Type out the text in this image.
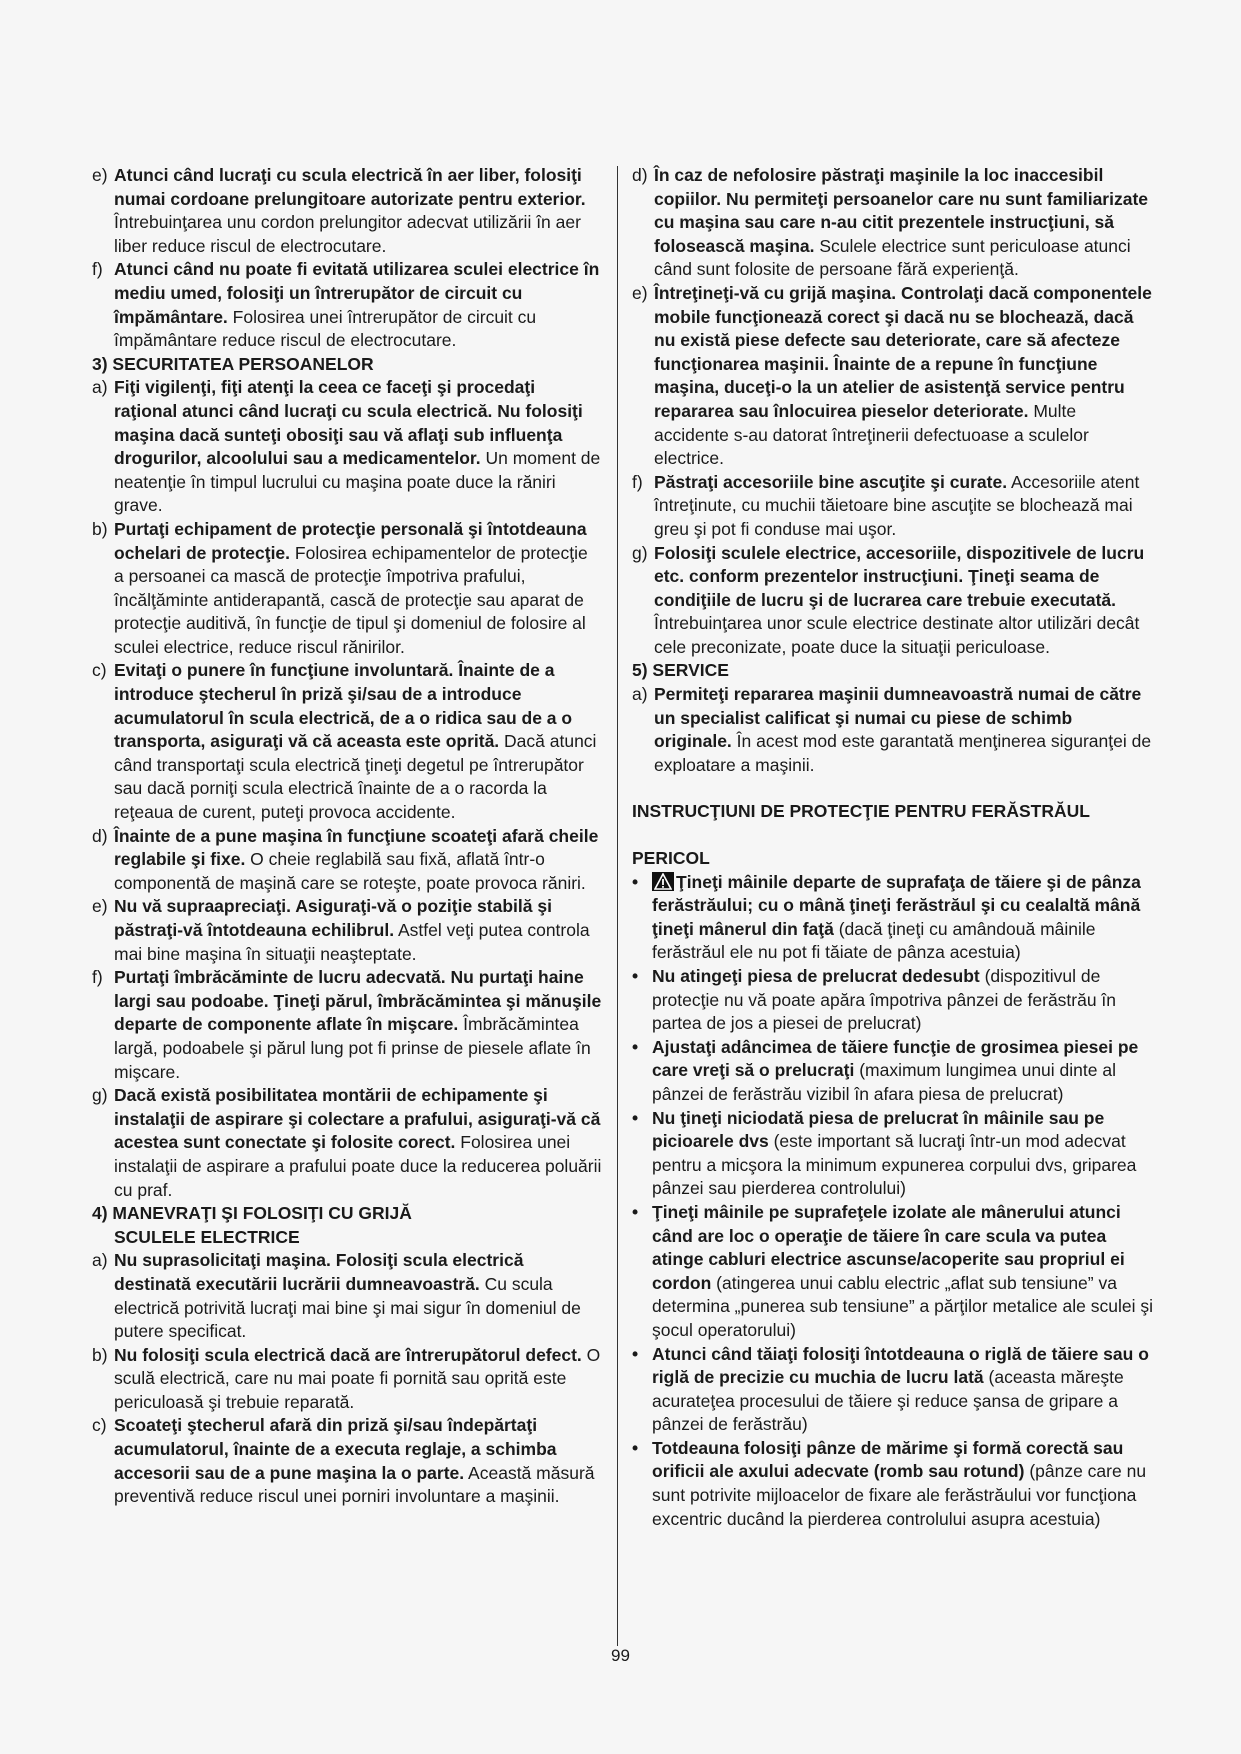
e) Atunci când lucraţi cu scula electrică în aer liber, folosiţi numai cordoane prelungitoare autorizate pentru exterior. Întrebuinţarea unu cordon prelungitor adecvat utilizării în aer liber reduce riscul de electrocutare.
f) Atunci când nu poate fi evitată utilizarea sculei electrice în mediu umed, folosiţi un întrerupător de circuit cu împământare. Folosirea unei întrerupător de circuit cu împământare reduce riscul de electrocutare.
3) SECURITATEA PERSOANELOR
a) Fiţi vigilenţi, fiţi atenţi la ceea ce faceţi şi procedaţi raţional atunci când lucraţi cu scula electrică. Nu folosiţi maşina dacă sunteţi obosiţi sau vă aflaţi sub influenţa drogurilor, alcoolului sau a medicamentelor. Un moment de neatenţie în timpul lucrului cu maşina poate duce la răniri grave.
b) Purtaţi echipament de protecţie personală şi întotdeauna ochelari de protecţie. Folosirea echipamentelor de protecţie a persoanei ca mască de protecţie împotriva prafului, încălţăminte antiderapantă, cască de protecţie sau aparat de protecţie auditivă, în funcţie de tipul şi domeniul de folosire al sculei electrice, reduce riscul rănirilor.
c) Evitaţi o punere în funcţiune involuntară. Înainte de a introduce ştecherul în priză şi/sau de a introduce acumulatorul în scula electrică, de a o ridica sau de a o transporta, asiguraţi vă că aceasta este oprită. Dacă atunci când transportaţi scula electrică ţineţi degetul pe întrerupător sau dacă porniţi scula electrică înainte de a o racorda la reţeaua de curent, puteţi provoca accidente.
d) Înainte de a pune maşina în funcţiune scoateţi afară cheile reglabile şi fixe. O cheie reglabilă sau fixă, aflată într-o componentă de maşină care se roteşte, poate provoca răniri.
e) Nu vă supraapreciaţi. Asiguraţi-vă o poziţie stabilă şi păstraţi-vă întotdeauna echilibrul. Astfel veţi putea controla mai bine maşina în situaţii neaşteptate.
f) Purtaţi îmbrăcăminte de lucru adecvată. Nu purtaţi haine largi sau podoabe. Ţineţi părul, îmbrăcămintea şi mănuşile departe de componente aflate în mişcare. Îmbrăcămintea largă, podoabele şi părul lung pot fi prinse de piesele aflate în mişcare.
g) Dacă există posibilitatea montării de echipamente şi instalaţii de aspirare şi colectare a prafului, asiguraţi-vă că acestea sunt conectate şi folosite corect. Folosirea unei instalaţii de aspirare a prafului poate duce la reducerea poluării cu praf.
4) MANEVRAŢI ŞI FOLOSIŢI CU GRIJĂ
SCULELE ELECTRICE
a) Nu suprasolicitaţi maşina. Folosiţi scula electrică destinată executării lucrării dumneavoastră. Cu scula electrică potrivită lucraţi mai bine şi mai sigur în domeniul de putere specificat.
b) Nu folosiţi scula electrică dacă are întrerupătorul defect. O sculă electrică, care nu mai poate fi pornită sau oprită este periculoasă şi trebuie reparată.
c) Scoateţi ştecherul afară din priză şi/sau îndepărtaţi acumulatorul, înainte de a executa reglaje, a schimba accesorii sau de a pune maşina la o parte. Această măsură preventivă reduce riscul unei porniri involuntare a maşinii.
d) În caz de nefolosire păstraţi maşinile la loc inaccesibil copiilor. Nu permiteţi persoanelor care nu sunt familiarizate cu maşina sau care n-au citit prezentele instrucţiuni, să folosească maşina. Sculele electrice sunt periculoase atunci când sunt folosite de persoane fără experienţă.
e) Întreţineţi-vă cu grijă maşina. Controlaţi dacă componentele mobile funcţionează corect şi dacă nu se blochează, dacă nu există piese defecte sau deteriorate, care să afecteze funcţionarea maşinii. Înainte de a repune în funcţiune maşina, duceţi-o la un atelier de asistenţă service pentru repararea sau înlocuirea pieselor deteriorate. Multe accidente s-au datorat întreţinerii defectuoase a sculelor electrice.
f) Păstraţi accesoriile bine ascuţite şi curate. Accesoriile atent întreţinute, cu muchii tăietoare bine ascuţite se blochează mai greu şi pot fi conduse mai uşor.
g) Folosiţi sculele electrice, accesoriile, dispozitivele de lucru etc. conform prezentelor instrucţiuni. Ţineţi seama de condiţiile de lucru şi de lucrarea care trebuie executată. Întrebuinţarea unor scule electrice destinate altor utilizări decât cele preconizate, poate duce la situaţii periculoase.
5) SERVICE
a) Permiteţi repararea maşinii dumneavoastră numai de către un specialist calificat şi numai cu piese de schimb originale. În acest mod este garantată menţinerea siguranţei de exploatare a maşinii.
INSTRUCŢIUNI DE PROTECŢIE PENTRU FERĂSTRĂUL
PERICOL
•	Ţineţi mâinile departe de suprafaţa de tăiere şi de pânza ferăstrăului; cu o mână ţineţi ferăstrăul şi cu cealaltă mână ţineţi mânerul din faţă (dacă ţineţi cu amândouă mâinile ferăstrăul ele nu pot fi tăiate de pânza acestuia)
• Nu atingeţi piesa de prelucrat dedesubt (dispozitivul de protecţie nu vă poate apăra împotriva pânzei de ferăstrău în partea de jos a piesei de prelucrat)
• Ajustaţi adâncimea de tăiere funcţie de grosimea piesei pe care vreţi să o prelucraţi (maximum lungimea unui dinte al pânzei de ferăstrău vizibil în afara piesa de prelucrat)
• Nu ţineţi niciodată piesa de prelucrat în mâinile sau pe picioarele dvs (este important să lucraţi într-un mod adecvat pentru a micşora la minimum expunerea corpului dvs, griparea pânzei sau pierderea controlului)
• Ţineţi mâinile pe suprafeţele izolate ale mânerului atunci când are loc o operaţie de tăiere în care scula va putea atinge cabluri electrice ascunse/acoperite sau propriul ei cordon (atingerea unui cablu electric „aflat sub tensiune” va determina „punerea sub tensiune” a părţilor metalice ale sculei şi şocul operatorului)
• Atunci când tăiaţi folosiţi întotdeauna o riglă de tăiere sau o riglă de precizie cu muchia de lucru lată (aceasta măreşte acurateţea procesului de tăiere şi reduce şansa de gripare a pânzei de ferăstrău)
• Totdeauna folosiţi pânze de mărime şi formă corectă sau orificii ale axului adecvate (romb sau rotund) (pânze care nu sunt potrivite mijloacelor de fixare ale ferăstrăului vor funcţiona excentric ducând la pierderea controlului asupra acestuia)
99
